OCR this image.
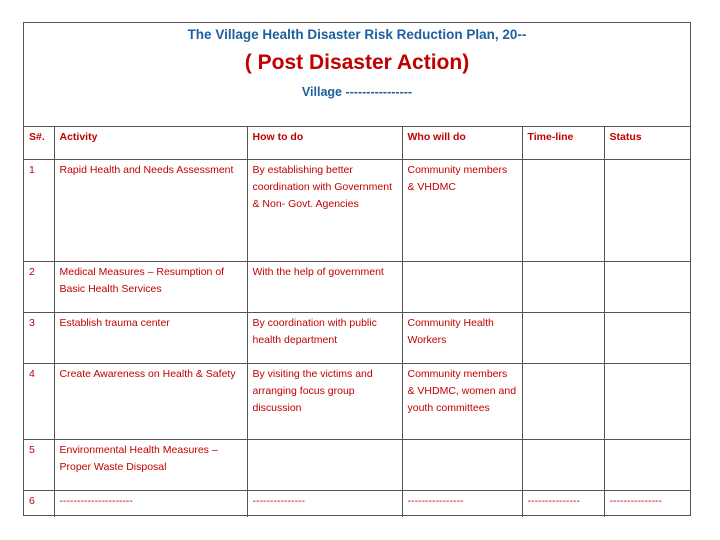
The Village Health Disaster Risk Reduction Plan, 20--
( Post Disaster Action)
Village ----------------
S#.	Activity	How to do	Who will do	Time-line	Status
1	Rapid Health and Needs Assessment	By establishing better coordination with Government & Non- Govt. Agencies	Community members & VHDMC		
2	Medical Measures – Resumption of Basic Health Services	With the help of government			
3	Establish trauma center	By coordination with public health department	Community Health Workers		
4	Create Awareness on Health & Safety	By visiting the victims and arranging focus group discussion	Community members & VHDMC, women and youth committees		
5	Environmental Health Measures – Proper Waste Disposal				
6	---------------------	---------------	----------------	---------------	---------------
